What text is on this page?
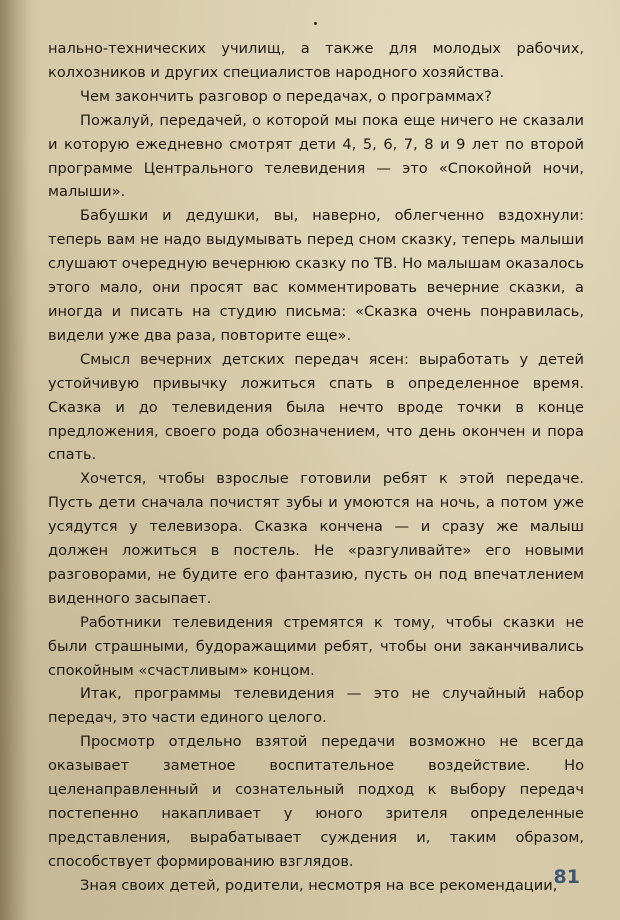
нально-технических училищ, а также для молодых рабочих, колхозников и других специалистов народного хозяйства.

Чем закончить разговор о передачах, о программах?

Пожалуй, передачей, о которой мы пока еще ничего не сказали и которую ежедневно смотрят дети 4, 5, 6, 7, 8 и 9 лет по второй программе Центрального телевидения — это «Спокойной ночи, малыши».

Бабушки и дедушки, вы, наверно, облегченно вздохнули: теперь вам не надо выдумывать перед сном сказку, теперь малыши слушают очередную вечернюю сказку по ТВ. Но малышам оказалось этого мало, они просят вас комментировать вечерние сказки, а иногда и писать на студию письма: «Сказка очень понравилась, видели уже два раза, повторите еще».

Смысл вечерних детских передач ясен: выработать у детей устойчивую привычку ложиться спать в определенное время. Сказка и до телевидения была нечто вроде точки в конце предложения, своего рода обозначением, что день окончен и пора спать.

Хочется, чтобы взрослые готовили ребят к этой передаче. Пусть дети сначала почистят зубы и умоются на ночь, а потом уже усядутся у телевизора. Сказка кончена — и сразу же малыш должен ложиться в постель. Не «разгуливайте» его новыми разговорами, не будите его фантазию, пусть он под впечатлением виденного засыпает.

Работники телевидения стремятся к тому, чтобы сказки не были страшными, будоражащими ребят, чтобы они заканчивались спокойным «счастливым» концом.

Итак, программы телевидения — это не случайный набор передач, это части единого целого.

Просмотр отдельно взятой передачи возможно не всегда оказывает заметное воспитательное воздействие. Но целенаправленный и сознательный подход к выбору передач постепенно накапливает у юного зрителя определенные представления, вырабатывает суждения и, таким образом, способствует формированию взглядов.

Зная своих детей, родители, несмотря на все рекомендации,

81
